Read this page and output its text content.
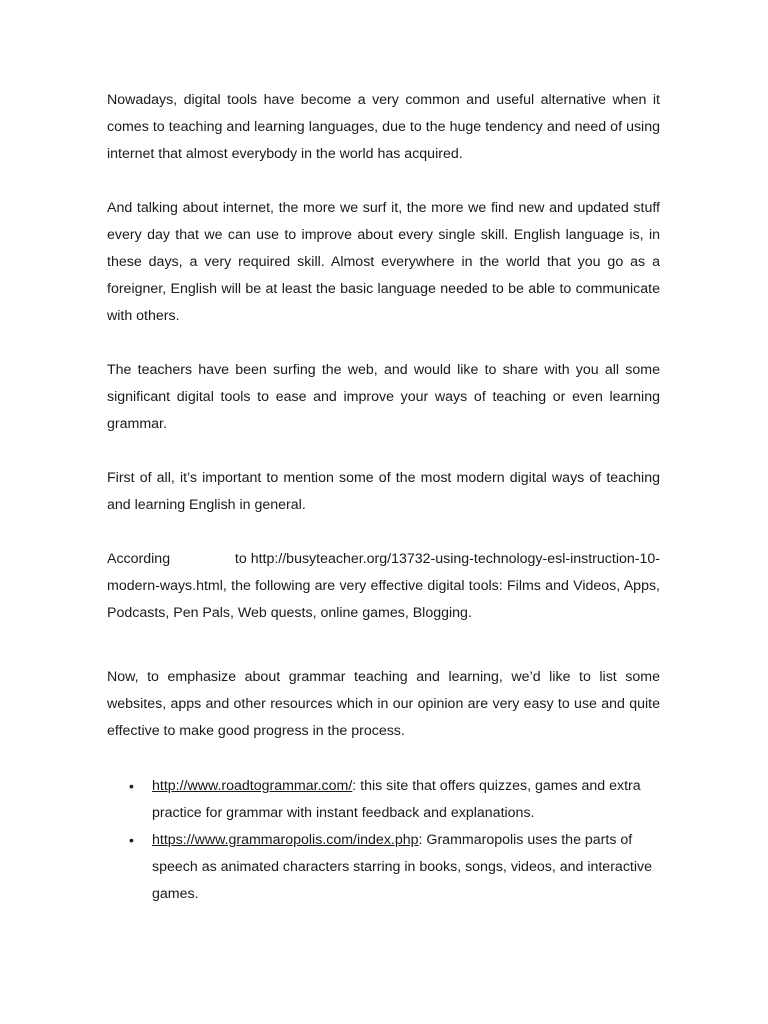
Nowadays, digital tools have become a very common and useful alternative when it comes to teaching and learning languages, due to the huge tendency and need of using internet that almost everybody in the world has acquired.

And talking about internet, the more we surf it, the more we find new and updated stuff every day that we can use to improve about every single skill. English language is, in these days, a very required skill. Almost everywhere in the world that you go as a foreigner, English will be at least the basic language needed to be able to communicate with others.

The teachers have been surfing the web, and would like to share with you all some significant digital tools to ease and improve your ways of teaching or even learning grammar.

First of all, it’s important to mention some of the most modern digital ways of teaching and learning English in general.

According	to http://busyteacher.org/13732-using-technology-esl-instruction-10-
modern-ways.html, the following are very effective digital tools: Films and Videos, Apps, Podcasts, Pen Pals, Web quests, online games, Blogging.

Now, to emphasize about grammar teaching and learning, we’d like to list some websites, apps and other resources which in our opinion are very easy to use and quite effective to make good progress in the process.

• http://www.roadtogrammar.com/: this site that offers quizzes, games and extra practice for grammar with instant feedback and explanations.
• https://www.grammaropolis.com/index.php: Grammaropolis uses the parts of speech as animated characters starring in books, songs, videos, and interactive games.
